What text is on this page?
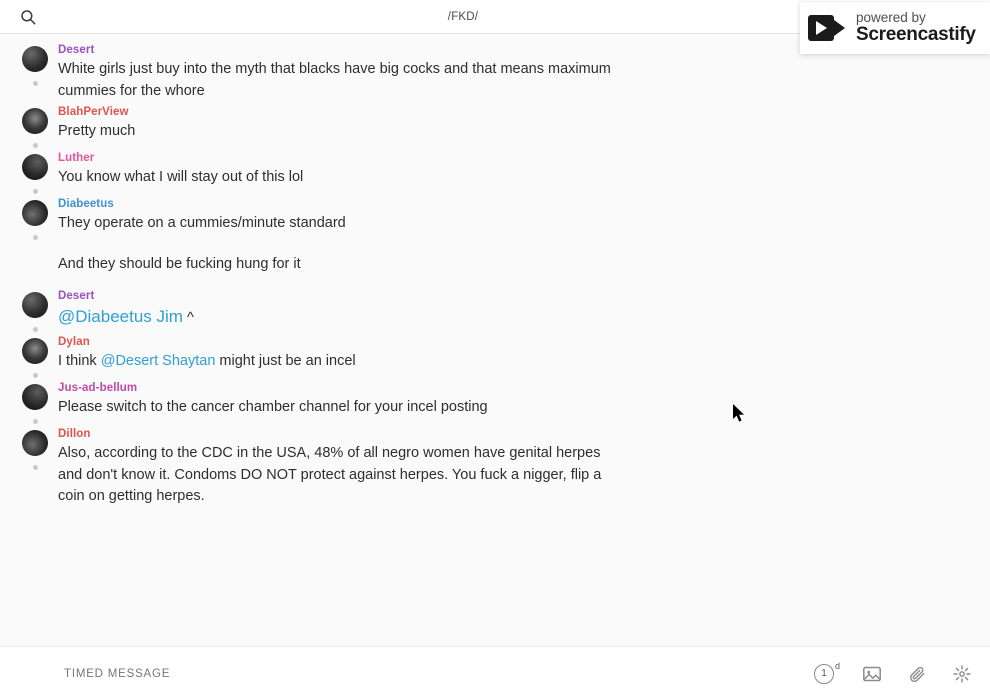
/FKD/	powered by
Screencastify
Desert
White girls just buy into the myth that blacks have big cocks and that means maximum cummies for the whore
BlahPerView
Pretty much
Luther
You know what I will stay out of this lol
Diabeetus
They operate on a cummies/minute standard
And they should be fucking hung for it
Desert
@Diabeetus Jim ^
Dylan
I think @Desert Shaytan might just be an incel
Jus-ad-bellum
Please switch to the cancer chamber channel for your incel posting
Dillon
Also, according to the CDC in the USA, 48% of all negro women have genital herpes and don't know it. Condoms DO NOT protect against herpes. You fuck a nigger, flip a coin on getting herpes.
TIMED MESSAGE
1
d
